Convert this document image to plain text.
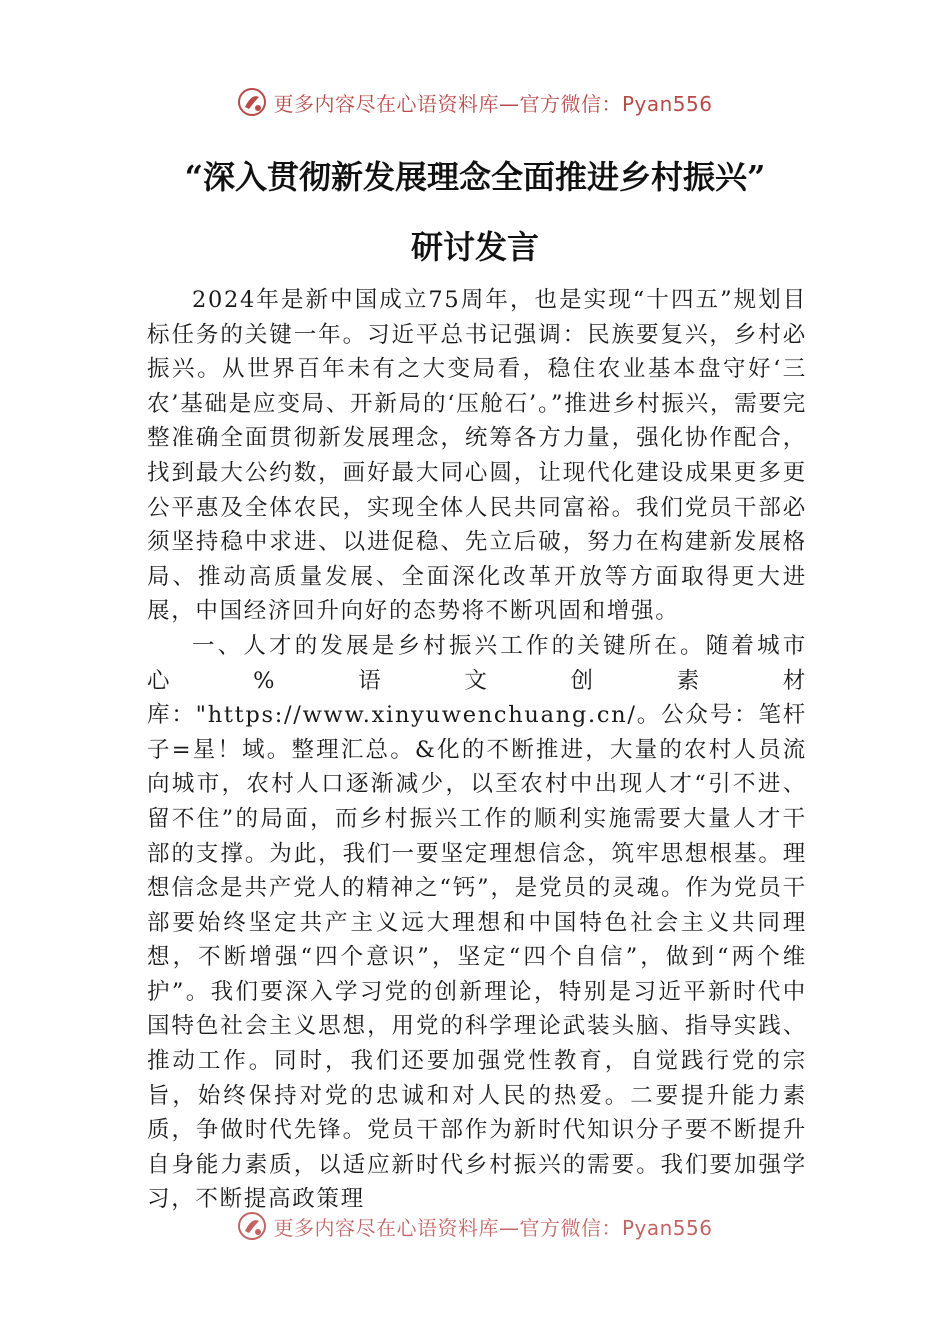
更多内容尽在心语资料库—官方微信：Pyan556
“深入贯彻新发展理念全面推进乡村振兴”
研讨发言

2024年是新中国成立75周年，也是实现“十四五”规划目标任务的关键一年。习近平总书记强调：民族要复兴，乡村必振兴。从世界百年未有之大变局看，稳住农业基本盘守好‘三农’基础是应变局、开新局的‘压舱石’。”推进乡村振兴，需要完整准确全面贯彻新发展理念，统筹各方力量，强化协作配合，找到最大公约数，画好最大同心圆，让现代化建设成果更多更公平惠及全体农民，实现全体人民共同富裕。我们党员干部必须坚持稳中求进、以进促稳、先立后破，努力在构建新发展格局、推动高质量发展、全面深化改革开放等方面取得更大进展，中国经济回升向好的态势将不断巩固和增强。

一、人才的发展是乡村振兴工作的关键所在。随着城市心%语文创素材库："https://www.xinyuwenchuang.cn/。公众号：笔杆子=星！域。整理汇总。&化的不断推进，大量的农村人员流向城市，农村人口逐渐减少，以至农村中出现人才“引不进、留不住”的局面，而乡村振兴工作的顺利实施需要大量人才干部的支撑。为此，我们一要坚定理想信念，筑牢思想根基。理想信念是共产党人的精神之“钙”，是党员的灵魂。作为党员干部要始终坚定共产主义远大理想和中国特色社会主义共同理想，不断增强“四个意识”，坚定“四个自信”，做到“两个维护”。我们要深入学习党的创新理论，特别是习近平新时代中国特色社会主义思想，用党的科学理论武装头脑、指导实践、推动工作。同时，我们还要加强党性教育，自觉践行党的宗旨，始终保持对党的忠诚和对人民的热爱。二要提升能力素质，争做时代先锋。党员干部作为新时代知识分子要不断提升自身能力素质，以适应新时代乡村振兴的需要。我们要加强学习，不断提高政策理

更多内容尽在心语资料库—官方微信：Pyan556
